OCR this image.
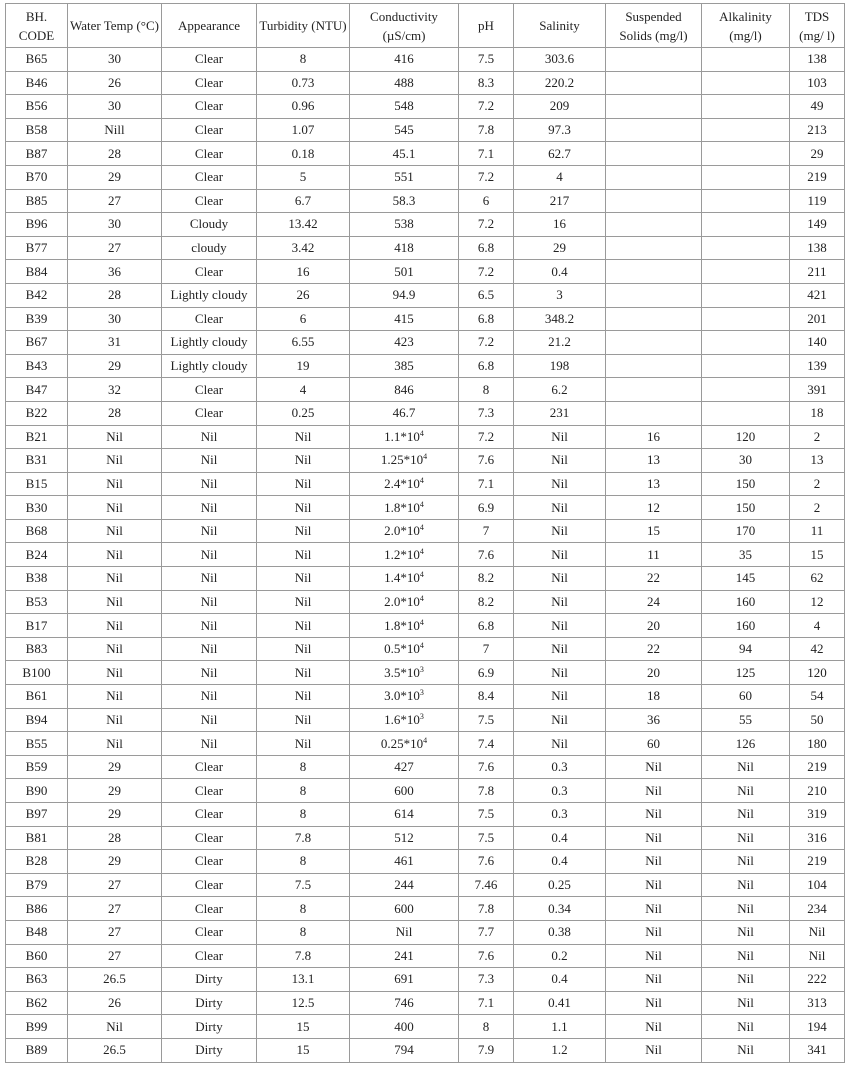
BH. CODE	Water Temp (°C)	Appearance	Turbidity (NTU)	Conductivity (µS/cm)	pH	Salinity	Suspended Solids (mg/l)	Alkalinity (mg/l)	TDS (mg/ l)
B65	30	Clear	8	416	7.5	303.6			138
B46	26	Clear	0.73	488	8.3	220.2			103
B56	30	Clear	0.96	548	7.2	209			49
B58	Nill	Clear	1.07	545	7.8	97.3			213
B87	28	Clear	0.18	45.1	7.1	62.7			29
B70	29	Clear	5	551	7.2	4			219
B85	27	Clear	6.7	58.3	6	217			119
B96	30	Cloudy	13.42	538	7.2	16			149
B77	27	cloudy	3.42	418	6.8	29			138
B84	36	Clear	16	501	7.2	0.4			211
B42	28	Lightly cloudy	26	94.9	6.5	3			421
B39	30	Clear	6	415	6.8	348.2			201
B67	31	Lightly cloudy	6.55	423	7.2	21.2			140
B43	29	Lightly cloudy	19	385	6.8	198			139
B47	32	Clear	4	846	8	6.2			391
B22	28	Clear	0.25	46.7	7.3	231			18
B21	Nil	Nil	Nil	$1.1*10^4$	7.2	Nil	16	120	2
B31	Nil	Nil	Nil	$1.25*10^4$	7.6	Nil	13	30	13
B15	Nil	Nil	Nil	$2.4*10^4$	7.1	Nil	13	150	2
B30	Nil	Nil	Nil	$1.8*10^4$	6.9	Nil	12	150	2
B68	Nil	Nil	Nil	$2.0*10^4$	7	Nil	15	170	11
B24	Nil	Nil	Nil	$1.2*10^4$	7.6	Nil	11	35	15
B38	Nil	Nil	Nil	$1.4*10^4$	8.2	Nil	22	145	62
B53	Nil	Nil	Nil	$2.0*10^4$	8.2	Nil	24	160	12
B17	Nil	Nil	Nil	$1.8*10^4$	6.8	Nil	20	160	4
B83	Nil	Nil	Nil	$0.5*10^4$	7	Nil	22	94	42
B100	Nil	Nil	Nil	$3.5*10^3$	6.9	Nil	20	125	120
B61	Nil	Nil	Nil	$3.0*10^3$	8.4	Nil	18	60	54
B94	Nil	Nil	Nil	$1.6*10^3$	7.5	Nil	36	55	50
B55	Nil	Nil	Nil	$0.25*10^4$	7.4	Nil	60	126	180
B59	29	Clear	8	427	7.6	0.3	Nil	Nil	219
B90	29	Clear	8	600	7.8	0.3	Nil	Nil	210
B97	29	Clear	8	614	7.5	0.3	Nil	Nil	319
B81	28	Clear	7.8	512	7.5	0.4	Nil	Nil	316
B28	29	Clear	8	461	7.6	0.4	Nil	Nil	219
B79	27	Clear	7.5	244	7.46	0.25	Nil	Nil	104
B86	27	Clear	8	600	7.8	0.34	Nil	Nil	234
B48	27	Clear	8	Nil	7.7	0.38	Nil	Nil	Nil
B60	27	Clear	7.8	241	7.6	0.2	Nil	Nil	Nil
B63	26.5	Dirty	13.1	691	7.3	0.4	Nil	Nil	222
B62	26	Dirty	12.5	746	7.1	0.41	Nil	Nil	313
B99	Nil	Dirty	15	400	8	1.1	Nil	Nil	194
B89	26.5	Dirty	15	794	7.9	1.2	Nil	Nil	341
